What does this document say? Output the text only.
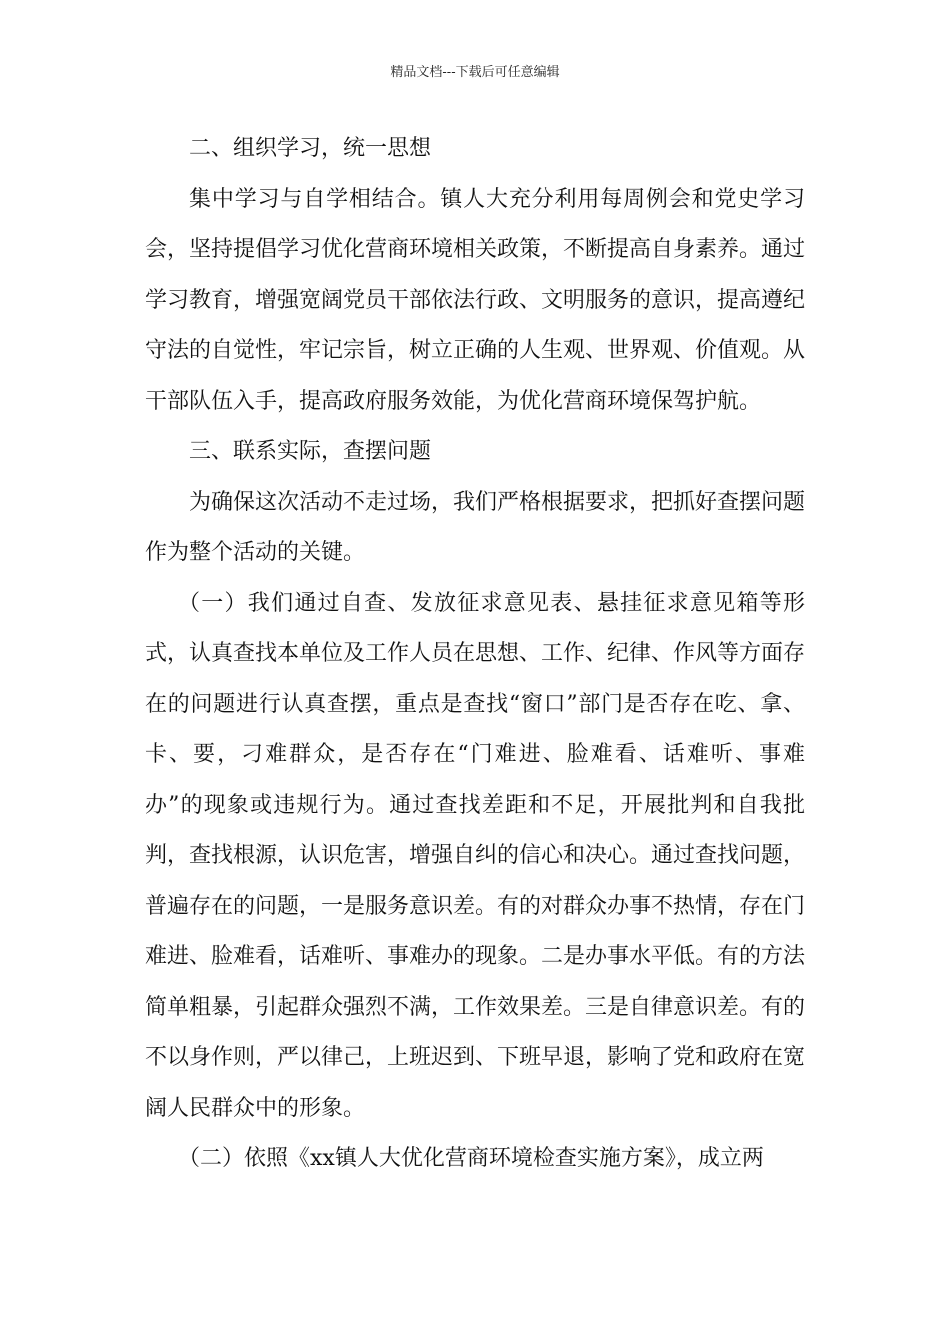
精品文档---下载后可任意编辑

二、组织学习，统一思想

集中学习与自学相结合。镇人大充分利用每周例会和党史学习会，坚持提倡学习优化营商环境相关政策，不断提高自身素养。通过学习教育，增强宽阔党员干部依法行政、文明服务的意识，提高遵纪守法的自觉性，牢记宗旨，树立正确的人生观、世界观、价值观。从干部队伍入手，提高政府服务效能，为优化营商环境保驾护航。

三、联系实际，查摆问题

为确保这次活动不走过场，我们严格根据要求，把抓好查摆问题作为整个活动的关键。

（一）我们通过自查、发放征求意见表、悬挂征求意见箱等形式，认真查找本单位及工作人员在思想、工作、纪律、作风等方面存在的问题进行认真查摆，重点是查找“窗口”部门是否存在吃、拿、卡、要，刁难群众，是否存在“门难进、脸难看、话难听、事难办”的现象或违规行为。通过查找差距和不足，开展批判和自我批判，查找根源，认识危害，增强自纠的信心和决心。通过查找问题，普遍存在的问题，一是服务意识差。有的对群众办事不热情，存在门难进、脸难看，话难听、事难办的现象。二是办事水平低。有的方法简单粗暴，引起群众强烈不满，工作效果差。三是自律意识差。有的不以身作则，严以律己，上班迟到、下班早退，影响了党和政府在宽阔人民群众中的形象。

（二）依照《xx镇人大优化营商环境检查实施方案》，成立两
